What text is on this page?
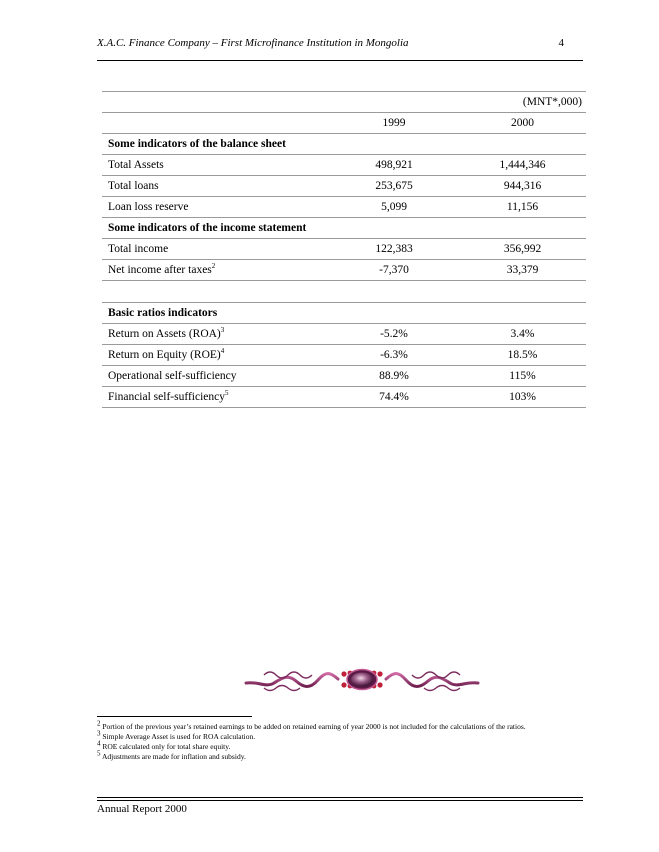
X.A.C. Finance Company – First Microfinance Institution in Mongolia	4
(MNT*,000)		
	1999	2000
Some indicators of the balance sheet		
Total Assets	498,921	1,444,346
Total loans	253,675	944,316
Loan loss reserve	5,099	11,156
Some indicators of the income statement		
Total income	122,383	356,992
Net income after taxes$^2$	-7,370	33,379

Basic ratios indicators		
Return on Assets (ROA)$^3$	-5.2%	3.4%
Return on Equity (ROE)$^4$	-6.3%	18.5%
Operational self-sufficiency	88.9%	115%
Financial self-sufficiency$^5$	74.4%	103%

$^2$ Portion of the previous year’s retained earnings to be added on retained earning of year 2000 is not included for the calculations of the ratios.

$^3$ Simple Average Asset is used for ROA calculation.

$^4$ ROE calculated only for total share equity.

$^5$ Adjustments are made for inflation and subsidy.

Annual Report 2000
